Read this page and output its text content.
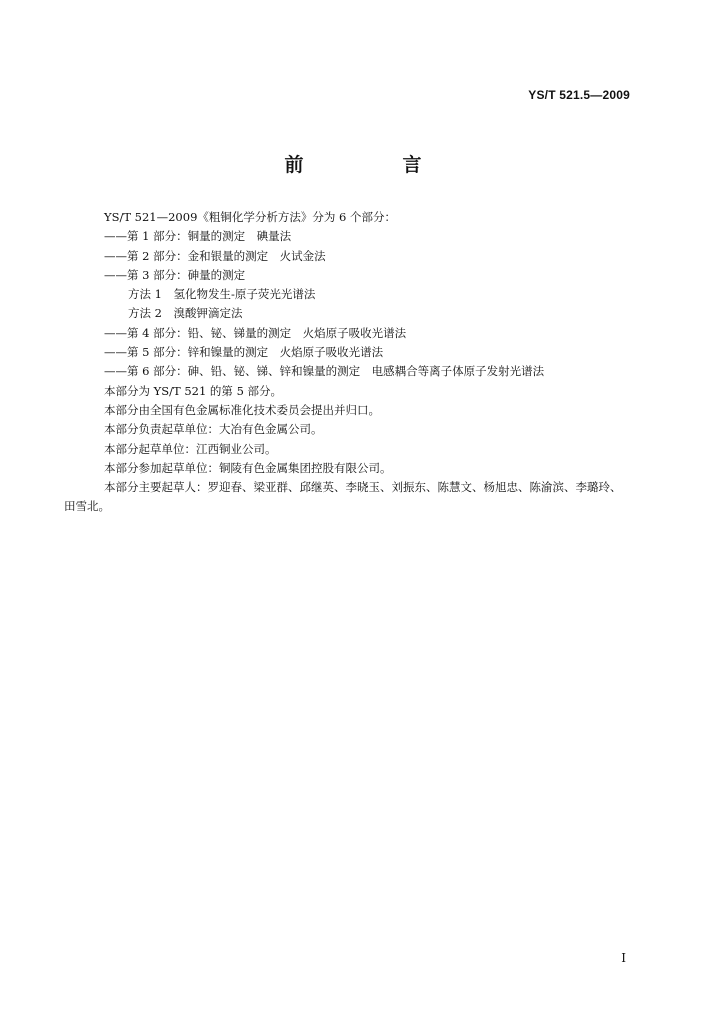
YS/T 521.5—2009
前　言
YS/T 521—2009《粗铜化学分析方法》分为 6 个部分：
——第 1 部分：铜量的测定　碘量法
——第 2 部分：金和银量的测定　火试金法
——第 3 部分：砷量的测定
方法 1　氢化物发生-原子荧光光谱法
方法 2　溴酸钾滴定法
——第 4 部分：铅、铋、锑量的测定　火焰原子吸收光谱法
——第 5 部分：锌和镍量的测定　火焰原子吸收光谱法
——第 6 部分：砷、铅、铋、锑、锌和镍量的测定　电感耦合等离子体原子发射光谱法
本部分为 YS/T 521 的第 5 部分。
本部分由全国有色金属标准化技术委员会提出并归口。
本部分负责起草单位：大冶有色金属公司。
本部分起草单位：江西铜业公司。
本部分参加起草单位：铜陵有色金属集团控股有限公司。
本部分主要起草人：罗迎春、梁亚群、邱继英、李晓玉、刘振东、陈慧文、杨旭忠、陈渝滨、李璐玲、
田雪北。
I
